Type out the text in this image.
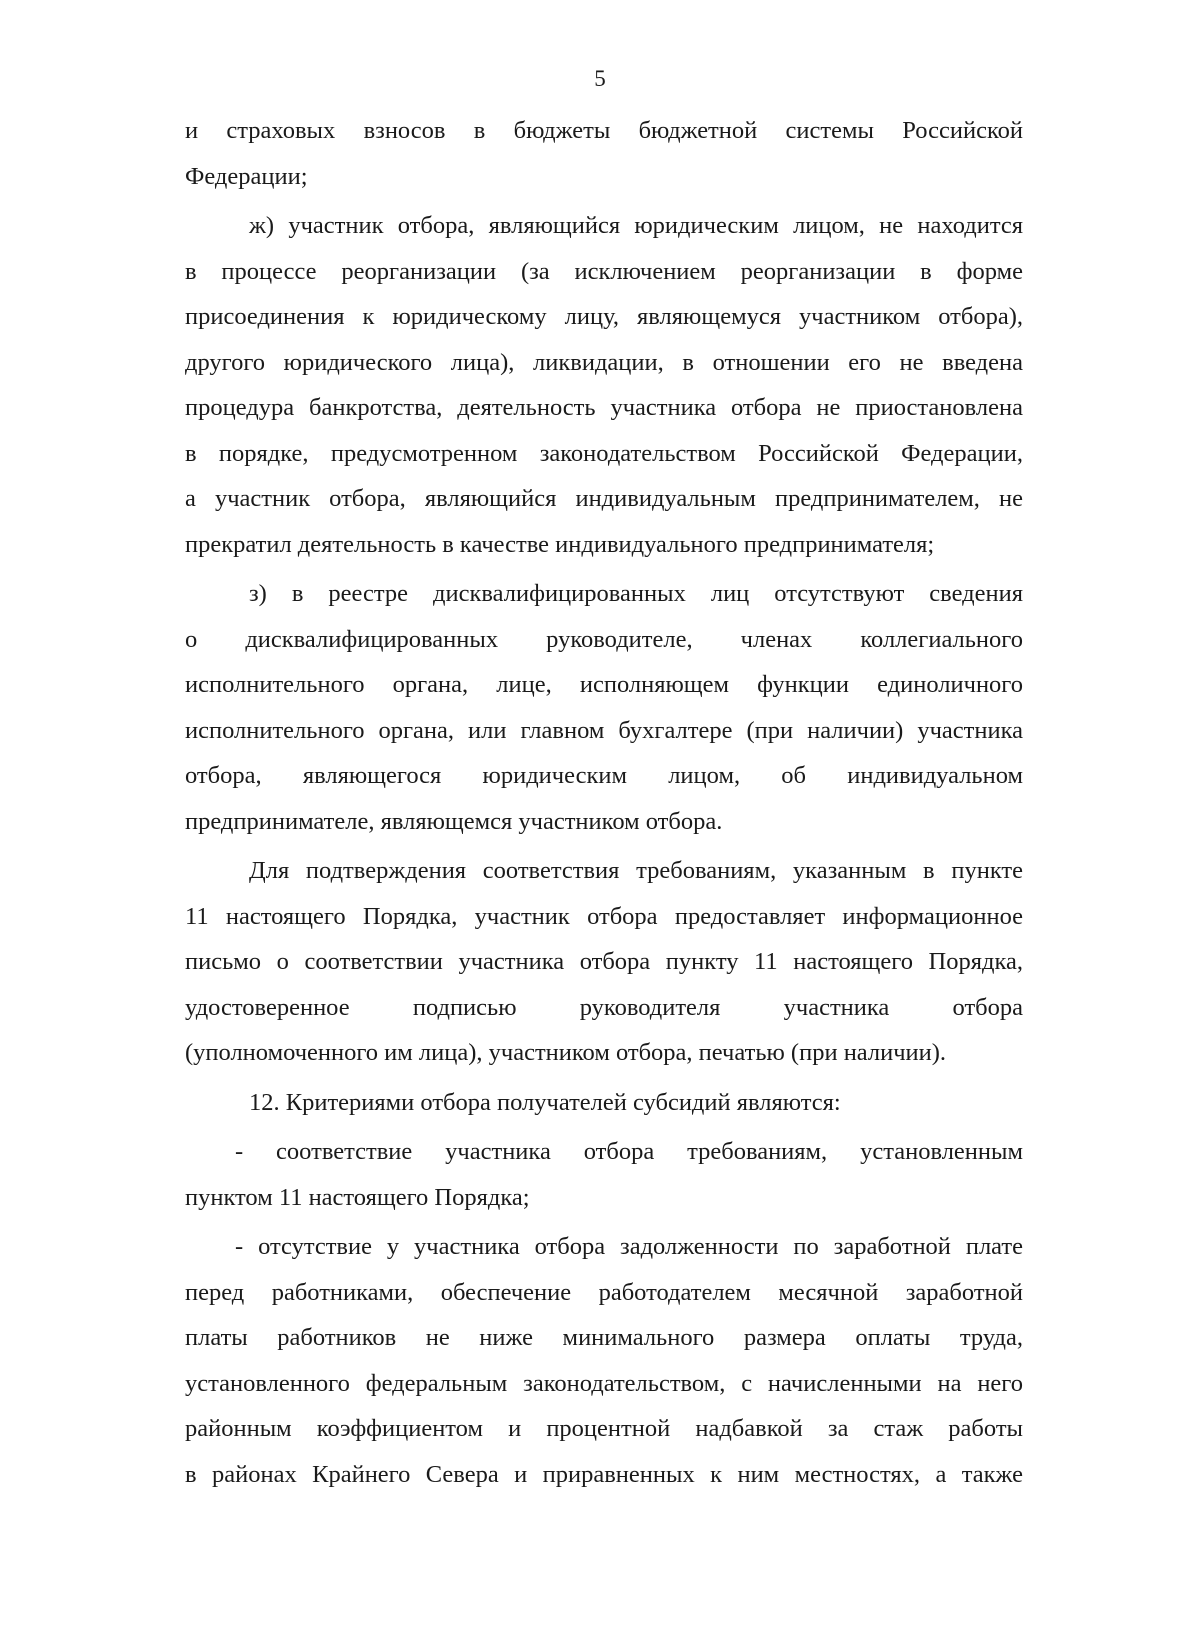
5
и страховых взносов в бюджеты бюджетной системы Российской
Федерации;
ж) участник отбора, являющийся юридическим лицом, не находится
в процессе реорганизации (за исключением реорганизации в форме
присоединения к юридическому лицу, являющемуся участником отбора),
другого юридического лица), ликвидации, в отношении его не введена
процедура банкротства, деятельность участника отбора не приостановлена
в порядке, предусмотренном законодательством Российской Федерации,
а участник отбора, являющийся индивидуальным предпринимателем, не
прекратил деятельность в качестве индивидуального предпринимателя;
з) в реестре дисквалифицированных лиц отсутствуют сведения
о дисквалифицированных руководителе, членах коллегиального
исполнительного органа, лице, исполняющем функции единоличного
исполнительного органа, или главном бухгалтере (при наличии) участника
отбора, являющегося юридическим лицом, об индивидуальном
предпринимателе, являющемся участником отбора.
Для подтверждения соответствия требованиям, указанным в пункте
11 настоящего Порядка, участник отбора предоставляет информационное
письмо о соответствии участника отбора пункту 11 настоящего Порядка,
удостоверенное подписью руководителя участника отбора
(уполномоченного им лица), участником отбора, печатью (при наличии).
12. Критериями отбора получателей субсидий являются:
- соответствие участника отбора требованиям, установленным
пунктом 11 настоящего Порядка;
- отсутствие у участника отбора задолженности по заработной плате
перед работниками, обеспечение работодателем месячной заработной
платы работников не ниже минимального размера оплаты труда,
установленного федеральным законодательством, с начисленными на него
районным коэффициентом и процентной надбавкой за стаж работы
в районах Крайнего Севера и приравненных к ним местностях, а также
